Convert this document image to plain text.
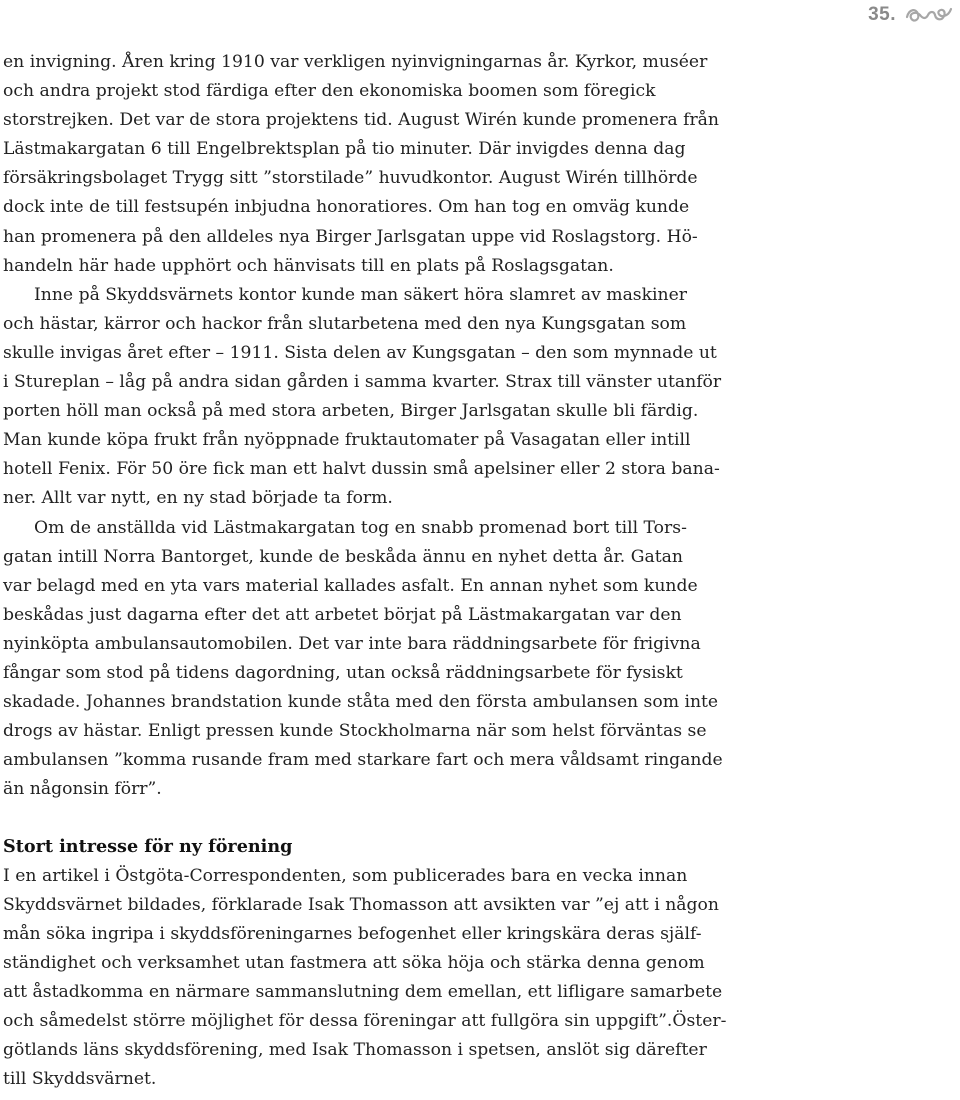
35.
en invigning. Åren kring 1910 var verkligen nyinvigningarnas år. Kyrkor, muséer
och andra projekt stod färdiga efter den ekonomiska boomen som föregick
storstrejken. Det var de stora projektens tid. August Wirén kunde promenera från
Lästmakargatan 6 till Engelbrektsplan på tio minuter. Där invigdes denna dag
försäkringsbolaget Trygg sitt ”storstilade” huvudkontor. August Wirén tillhörde
dock inte de till festsupén inbjudna honoratiores. Om han tog en omväg kunde
han promenera på den alldeles nya Birger Jarlsgatan uppe vid Roslagstorg. Hö-
handeln här hade upphört och hänvisats till en plats på Roslagsgatan.
Inne på Skyddsvärnets kontor kunde man säkert höra slamret av maskiner
och hästar, kärror och hackor från slutarbetena med den nya Kungsgatan som
skulle invigas året efter – 1911. Sista delen av Kungsgatan – den som mynnade ut
i Stureplan – låg på andra sidan gården i samma kvarter. Strax till vänster utanför
porten höll man också på med stora arbeten, Birger Jarlsgatan skulle bli färdig.
Man kunde köpa frukt från nyöppnade fruktautomater på Vasagatan eller intill
hotell Fenix. För 50 öre fick man ett halvt dussin små apelsiner eller 2 stora bana-
ner. Allt var nytt, en ny stad började ta form.
Om de anställda vid Lästmakargatan tog en snabb promenad bort till Tors-
gatan intill Norra Bantorget, kunde de beskåda ännu en nyhet detta år. Gatan
var belagd med en yta vars material kallades asfalt. En annan nyhet som kunde
beskådas just dagarna efter det att arbetet börjat på Lästmakargatan var den
nyinköpta ambulansautomobilen. Det var inte bara räddningsarbete för frigivna
fångar som stod på tidens dagordning, utan också räddningsarbete för fysiskt
skadade. Johannes brandstation kunde ståta med den första ambulansen som inte
drogs av hästar. Enligt pressen kunde Stockholmarna när som helst förväntas se
ambulansen ”komma rusande fram med starkare fart och mera våldsamt ringande
än någonsin förr”.
Stort intresse för ny förening
I en artikel i Östgöta-Correspondenten, som publicerades bara en vecka innan
Skyddsvärnet bildades, förklarade Isak Thomasson att avsikten var ”ej att i någon
mån söka ingripa i skyddsföreningarnes befogenhet eller kringskära deras själf-
ständighet och verksamhet utan fastmera att söka höja och stärka denna genom
att åstadkomma en närmare sammanslutning dem emellan, ett lifligare samarbete
och såmedelst större möjlighet för dessa föreningar att fullgöra sin uppgift”.Öster-
götlands läns skyddsförening, med Isak Thomasson i spetsen, anslöt sig därefter
till Skyddsvärnet.
